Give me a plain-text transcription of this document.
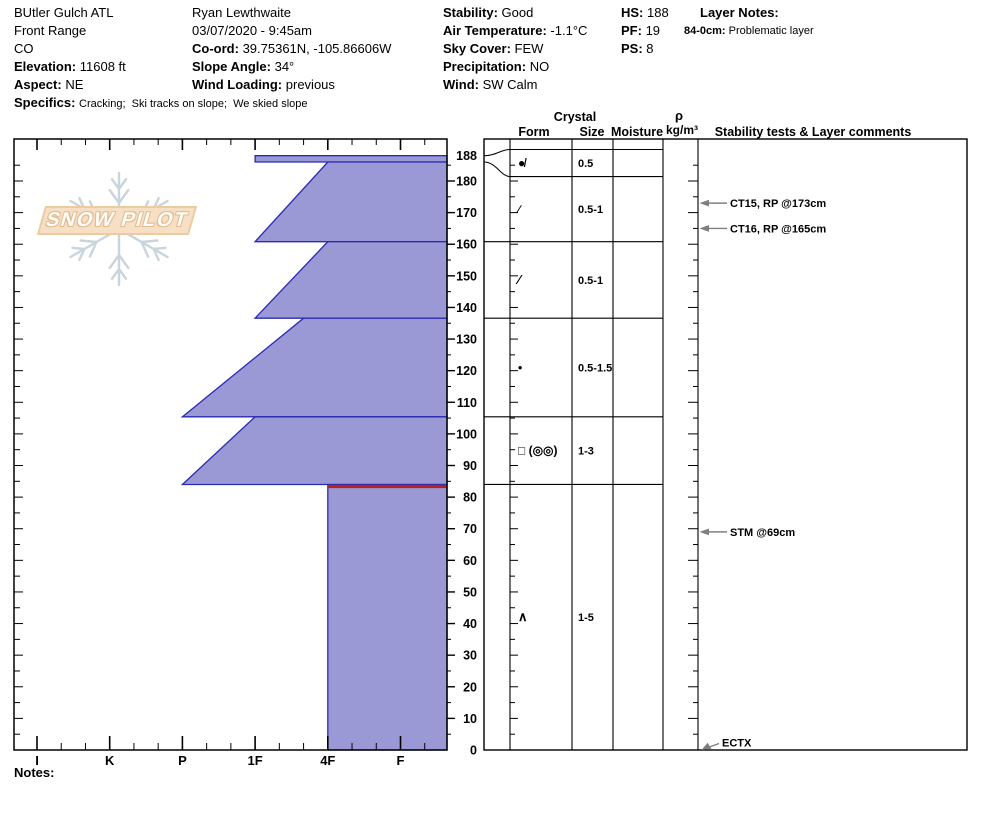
BUtler Gulch ATL
Front Range
CO
Elevation: 11608 ft
Aspect: NE
Specifics: Cracking;  Ski tracks on slope;  We skied slope
Ryan Lewthwaite
03/07/2020 - 9:45am
Co-ord: 39.75361N, -105.86606W
Slope Angle: 34°
Wind Loading: previous
Stability: Good
Air Temperature: -1.1°C
Sky Cover: FEW
Precipitation: NO
Wind: SW Calm
HS: 188
PF: 19
PS: 8
Layer Notes:
84-0cm: Problematic layer
I	K	P	1F	4F	F
188
180
170
160
150
140
130
120
110
100
90
80
70
60
50
40
30
20
10
0
●̸	0.5
∕	0.5-1
∕	0.5-1
•	0.5-1.5
□ (◎◎) 1-3
∧	1-5
CT15, RP @173cm
CT16, RP @165cm
STM @69cm
ECTX
Crystal
Form Size Moisture
ρ
kg/m³ Stability tests & Layer comments
SNOW PILOT
Notes:
